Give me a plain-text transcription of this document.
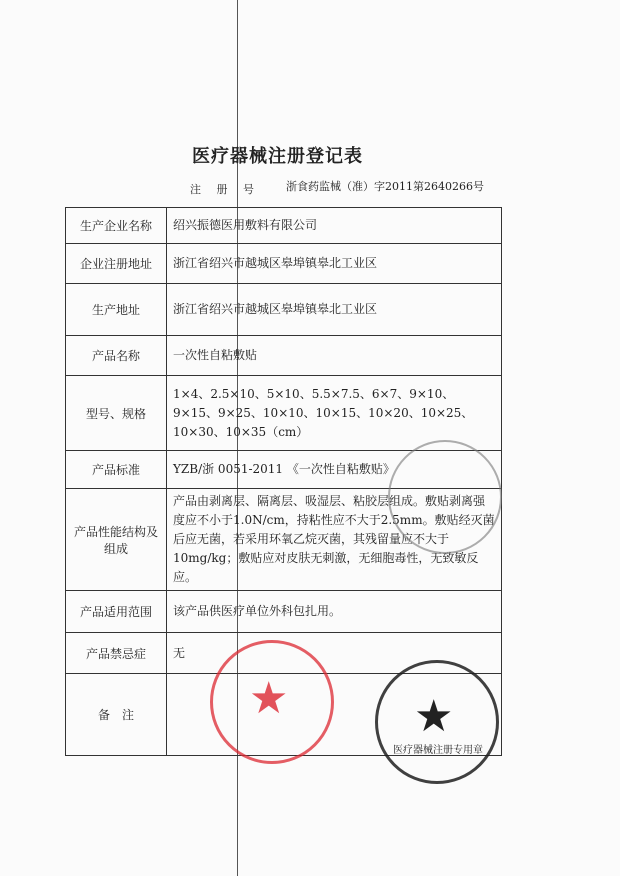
医疗器械注册登记表
注 册 号 浙食药监械（准）字2011第2640266号
生产企业名称	绍兴振德医用敷料有限公司
企业注册地址	浙江省绍兴市越城区皋埠镇皋北工业区
生产地址	浙江省绍兴市越城区皋埠镇皋北工业区
产品名称	一次性自粘敷贴
型号、规格	1×4、2.5×10、5×10、5.5×7.5、6×7、9×10、9×15、9×25、10×10、10×15、10×20、10×25、10×30、10×35（cm）
产品标准	YZB/浙 0051-2011 《一次性自粘敷贴》
产品性能结构及组成	产品由剥离层、隔离层、吸湿层、粘胶层组成。敷贴剥离强度应不小于1.0N/cm，持粘性应不大于2.5mm。敷贴经灭菌后应无菌，若采用环氧乙烷灭菌，其残留量应不大于10mg/kg；敷贴应对皮肤无刺激，无细胞毒性，无致敏反应。
产品适用范围	该产品供医疗单位外科包扎用。
产品禁忌症	无
备　注		★	★
医疗器械注册专用章
